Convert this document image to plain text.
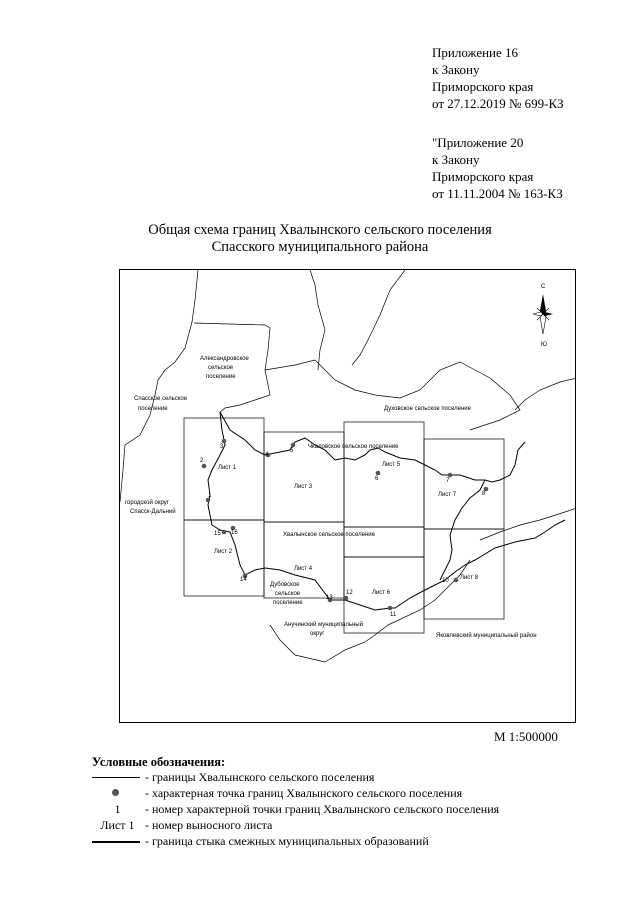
Приложение 16
к Закону
Приморского края
от 27.12.2019 № 699-КЗ
"Приложение 20
к Закону
Приморского края
от 11.11.2004 № 163-КЗ
Общая схема границ Хвалынского сельского поселения
Спасского муниципального района
2
1
3
4
5
6	7
8
10
11
12
13
14
15 16
Лист 1
Лист 2
Лист 3
Лист 4
Лист 5
Лист 6
Лист 7
Лист 8
Александровское
сельское
поселение
Спасское сельское
поселение	Духовское сельское поселение
Чкаловское сельское поселение
Хвалынское сельское поселение
городской округ
Спасск-Дальний
Дубовское
сельское
поселение
Анучинский муниципальный
округ	Яковлевский муниципальный район
С
Ю
М 1:500000
Условные обозначения:
- границы Хвалынского сельского поселения
- характерная точка границ Хвалынского сельского поселения
1	- номер характерной точки границ Хвалынского сельского поселения
Лист 1 - номер выносного листа
- граница стыка смежных муниципальных образований
